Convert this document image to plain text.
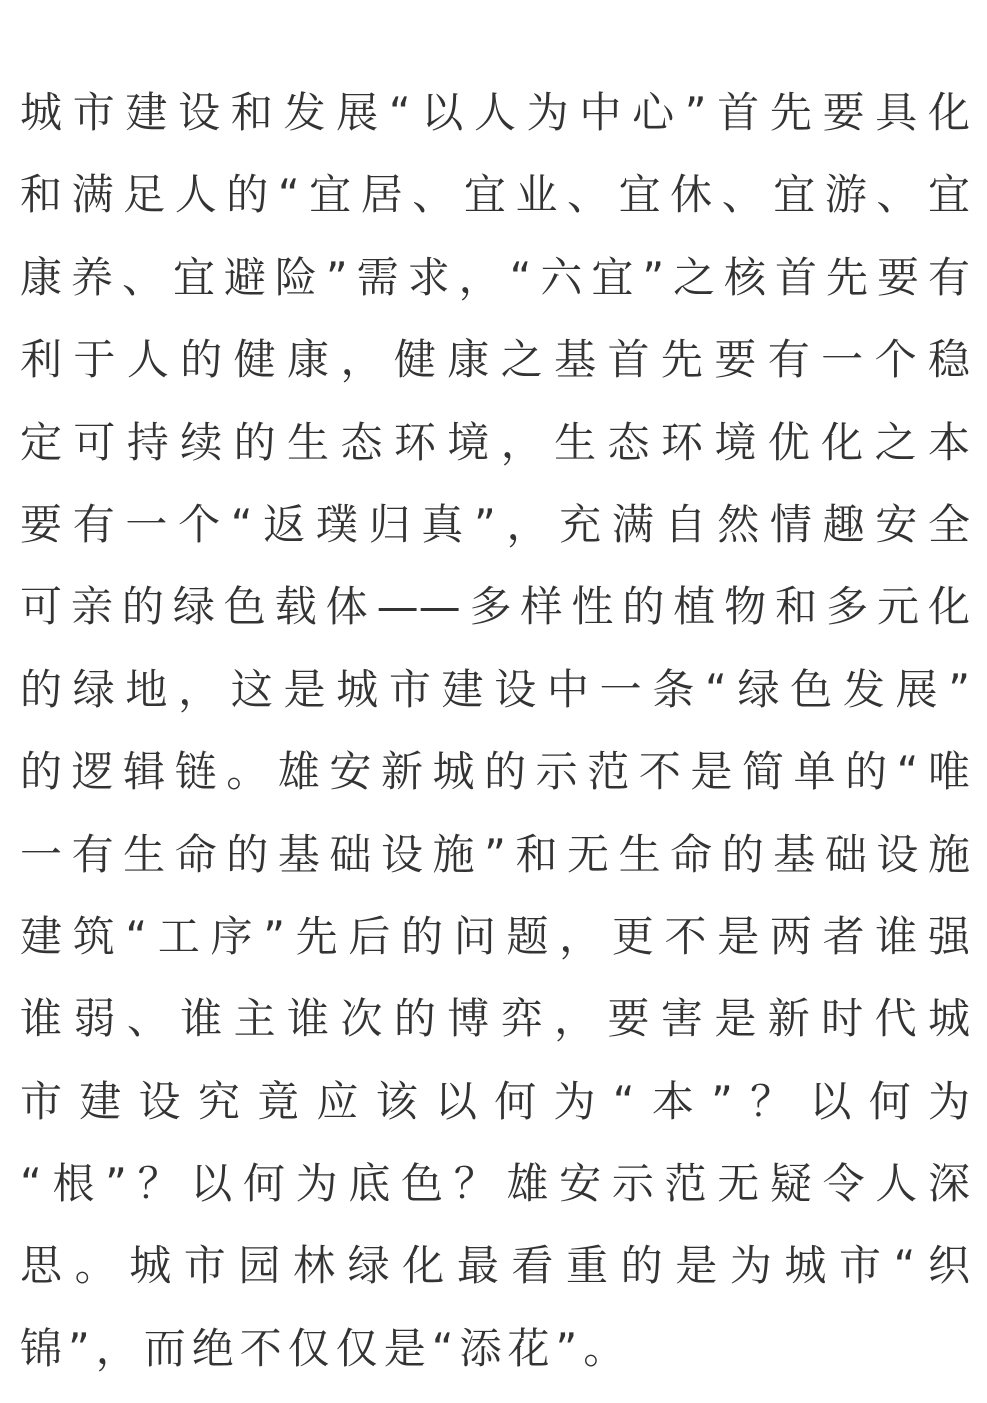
城市建设和发展“以人为中心”首先要具化
和满足人的“宜居、宜业、宜休、宜游、宜
康养、宜避险”需求，“六宜”之核首先要有
利于人的健康，健康之基首先要有一个稳
定可持续的生态环境，生态环境优化之本
要有一个“返璞归真”，充满自然情趣安全
可亲的绿色载体——多样性的植物和多元化
的绿地，这是城市建设中一条“绿色发展”
的逻辑链。雄安新城的示范不是简单的“唯
一有生命的基础设施”和无生命的基础设施
建筑“工序”先后的问题，更不是两者谁强
谁弱、谁主谁次的博弈，要害是新时代城
市建设究竟应该以何为“本”？以何为
“根”？以何为底色？雄安示范无疑令人深
思。城市园林绿化最看重的是为城市“织
锦”，而绝不仅仅是“添花”。
